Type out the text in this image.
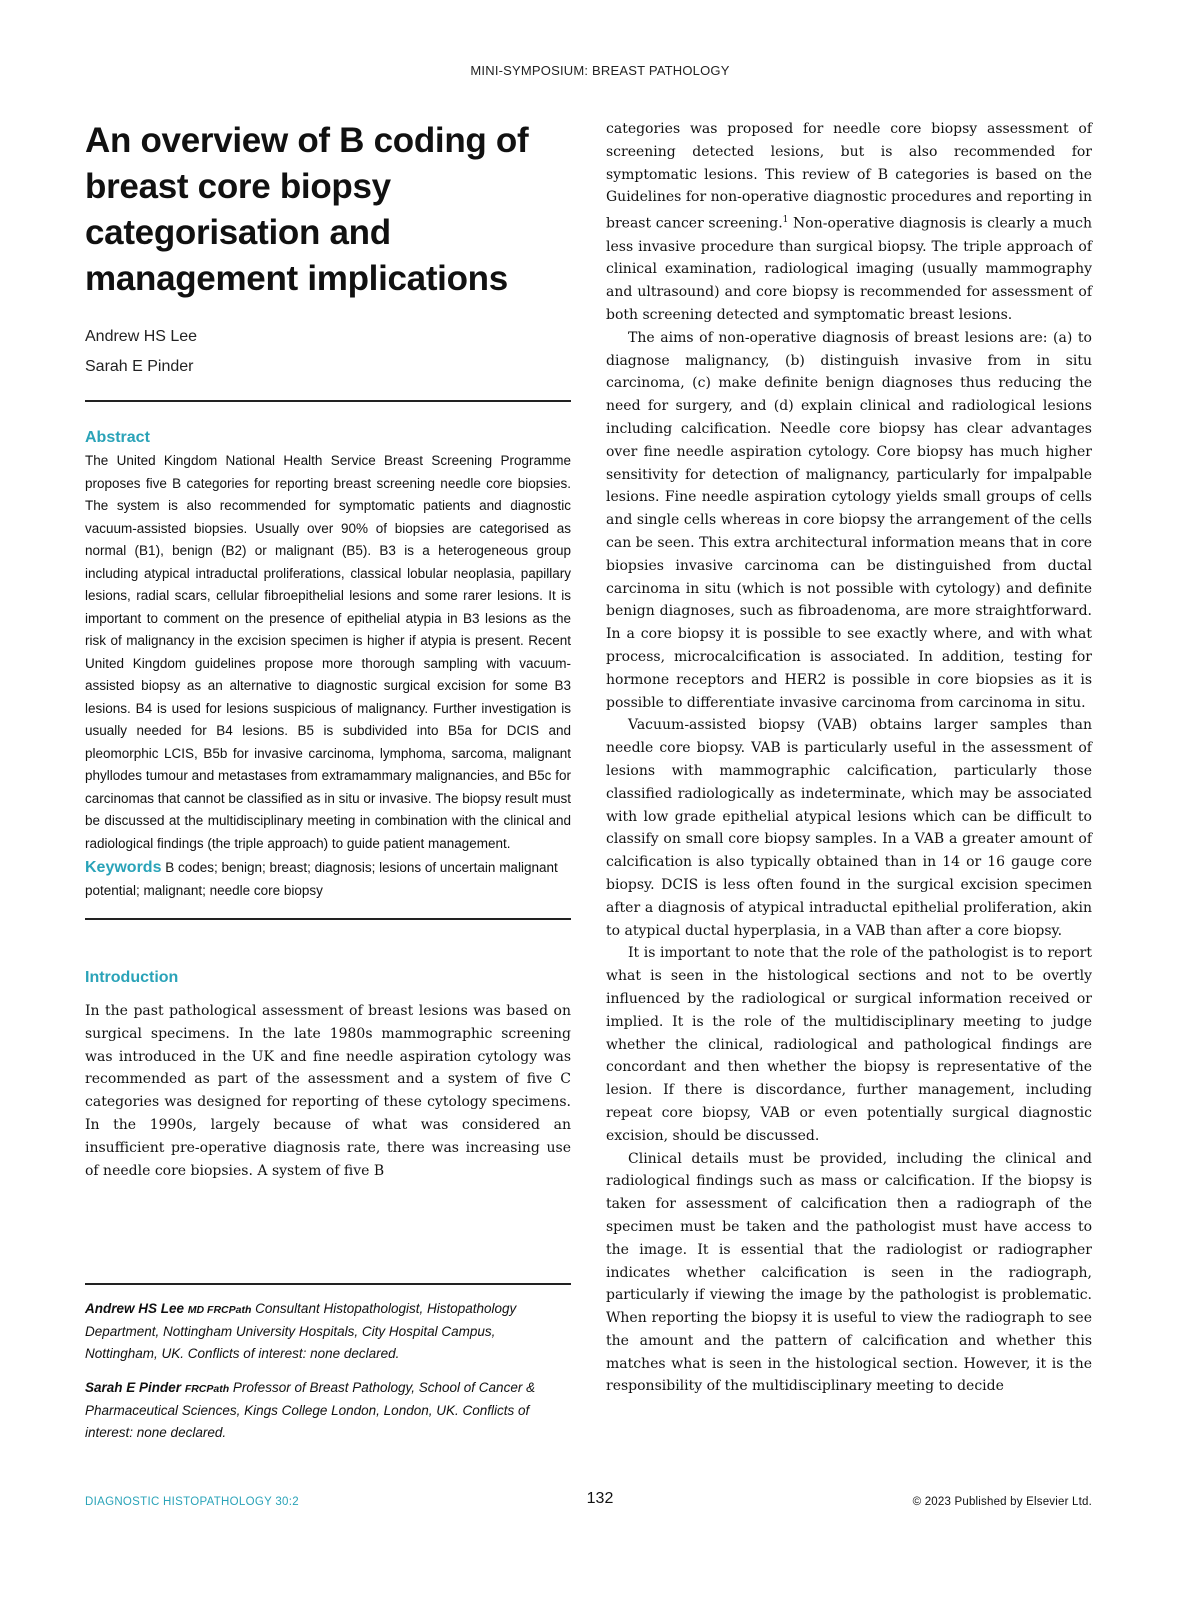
MINI-SYMPOSIUM: BREAST PATHOLOGY
An overview of B coding of breast core biopsy categorisation and management implications
Andrew HS Lee
Sarah E Pinder
Abstract

The United Kingdom National Health Service Breast Screening Programme proposes five B categories for reporting breast screening needle core biopsies. The system is also recommended for symptomatic patients and diagnostic vacuum-assisted biopsies. Usually over 90% of biopsies are categorised as normal (B1), benign (B2) or malignant (B5). B3 is a heterogeneous group including atypical intraductal proliferations, classical lobular neoplasia, papillary lesions, radial scars, cellular fibroepithelial lesions and some rarer lesions. It is important to comment on the presence of epithelial atypia in B3 lesions as the risk of malignancy in the excision specimen is higher if atypia is present. Recent United Kingdom guidelines propose more thorough sampling with vacuum-assisted biopsy as an alternative to diagnostic surgical excision for some B3 lesions. B4 is used for lesions suspicious of malignancy. Further investigation is usually needed for B4 lesions. B5 is subdivided into B5a for DCIS and pleomorphic LCIS, B5b for invasive carcinoma, lymphoma, sarcoma, malignant phyllodes tumour and metastases from extramammary malignancies, and B5c for carcinomas that cannot be classified as in situ or invasive. The biopsy result must be discussed at the multidisciplinary meeting in combination with the clinical and radiological findings (the triple approach) to guide patient management.

Keywords B codes; benign; breast; diagnosis; lesions of uncertain malignant potential; malignant; needle core biopsy

Introduction

In the past pathological assessment of breast lesions was based on surgical specimens. In the late 1980s mammographic screening was introduced in the UK and fine needle aspiration cytology was recommended as part of the assessment and a system of five C categories was designed for reporting of these cytology specimens. In the 1990s, largely because of what was considered an insufficient pre-operative diagnosis rate, there was increasing use of needle core biopsies. A system of five B

Andrew HS Lee MD FRCPath Consultant Histopathologist, Histopathology Department, Nottingham University Hospitals, City Hospital Campus, Nottingham, UK. Conflicts of interest: none declared.

Sarah E Pinder FRCPath Professor of Breast Pathology, School of Cancer & Pharmaceutical Sciences, Kings College London, London, UK. Conflicts of interest: none declared.

categories was proposed for needle core biopsy assessment of screening detected lesions, but is also recommended for symptomatic lesions. This review of B categories is based on the Guidelines for non-operative diagnostic procedures and reporting in breast cancer screening.$^1$ Non-operative diagnosis is clearly a much less invasive procedure than surgical biopsy. The triple approach of clinical examination, radiological imaging (usually mammography and ultrasound) and core biopsy is recommended for assessment of both screening detected and symptomatic breast lesions.

The aims of non-operative diagnosis of breast lesions are: (a) to diagnose malignancy, (b) distinguish invasive from in situ carcinoma, (c) make definite benign diagnoses thus reducing the need for surgery, and (d) explain clinical and radiological lesions including calcification. Needle core biopsy has clear advantages over fine needle aspiration cytology. Core biopsy has much higher sensitivity for detection of malignancy, particularly for impalpable lesions. Fine needle aspiration cytology yields small groups of cells and single cells whereas in core biopsy the arrangement of the cells can be seen. This extra architectural information means that in core biopsies invasive carcinoma can be distinguished from ductal carcinoma in situ (which is not possible with cytology) and definite benign diagnoses, such as fibroadenoma, are more straightforward. In a core biopsy it is possible to see exactly where, and with what process, microcalcification is associated. In addition, testing for hormone receptors and HER2 is possible in core biopsies as it is possible to differentiate invasive carcinoma from carcinoma in situ.

Vacuum-assisted biopsy (VAB) obtains larger samples than needle core biopsy. VAB is particularly useful in the assessment of lesions with mammographic calcification, particularly those classified radiologically as indeterminate, which may be associated with low grade epithelial atypical lesions which can be difficult to classify on small core biopsy samples. In a VAB a greater amount of calcification is also typically obtained than in 14 or 16 gauge core biopsy. DCIS is less often found in the surgical excision specimen after a diagnosis of atypical intraductal epithelial proliferation, akin to atypical ductal hyperplasia, in a VAB than after a core biopsy.

It is important to note that the role of the pathologist is to report what is seen in the histological sections and not to be overtly influenced by the radiological or surgical information received or implied. It is the role of the multidisciplinary meeting to judge whether the clinical, radiological and pathological findings are concordant and then whether the biopsy is representative of the lesion. If there is discordance, further management, including repeat core biopsy, VAB or even potentially surgical diagnostic excision, should be discussed.

Clinical details must be provided, including the clinical and radiological findings such as mass or calcification. If the biopsy is taken for assessment of calcification then a radiograph of the specimen must be taken and the pathologist must have access to the image. It is essential that the radiologist or radiographer indicates whether calcification is seen in the radiograph, particularly if viewing the image by the pathologist is problematic. When reporting the biopsy it is useful to view the radiograph to see the amount and the pattern of calcification and whether this matches what is seen in the histological section. However, it is the responsibility of the multidisciplinary meeting to decide

DIAGNOSTIC HISTOPATHOLOGY 30:2	132	© 2023 Published by Elsevier Ltd.
